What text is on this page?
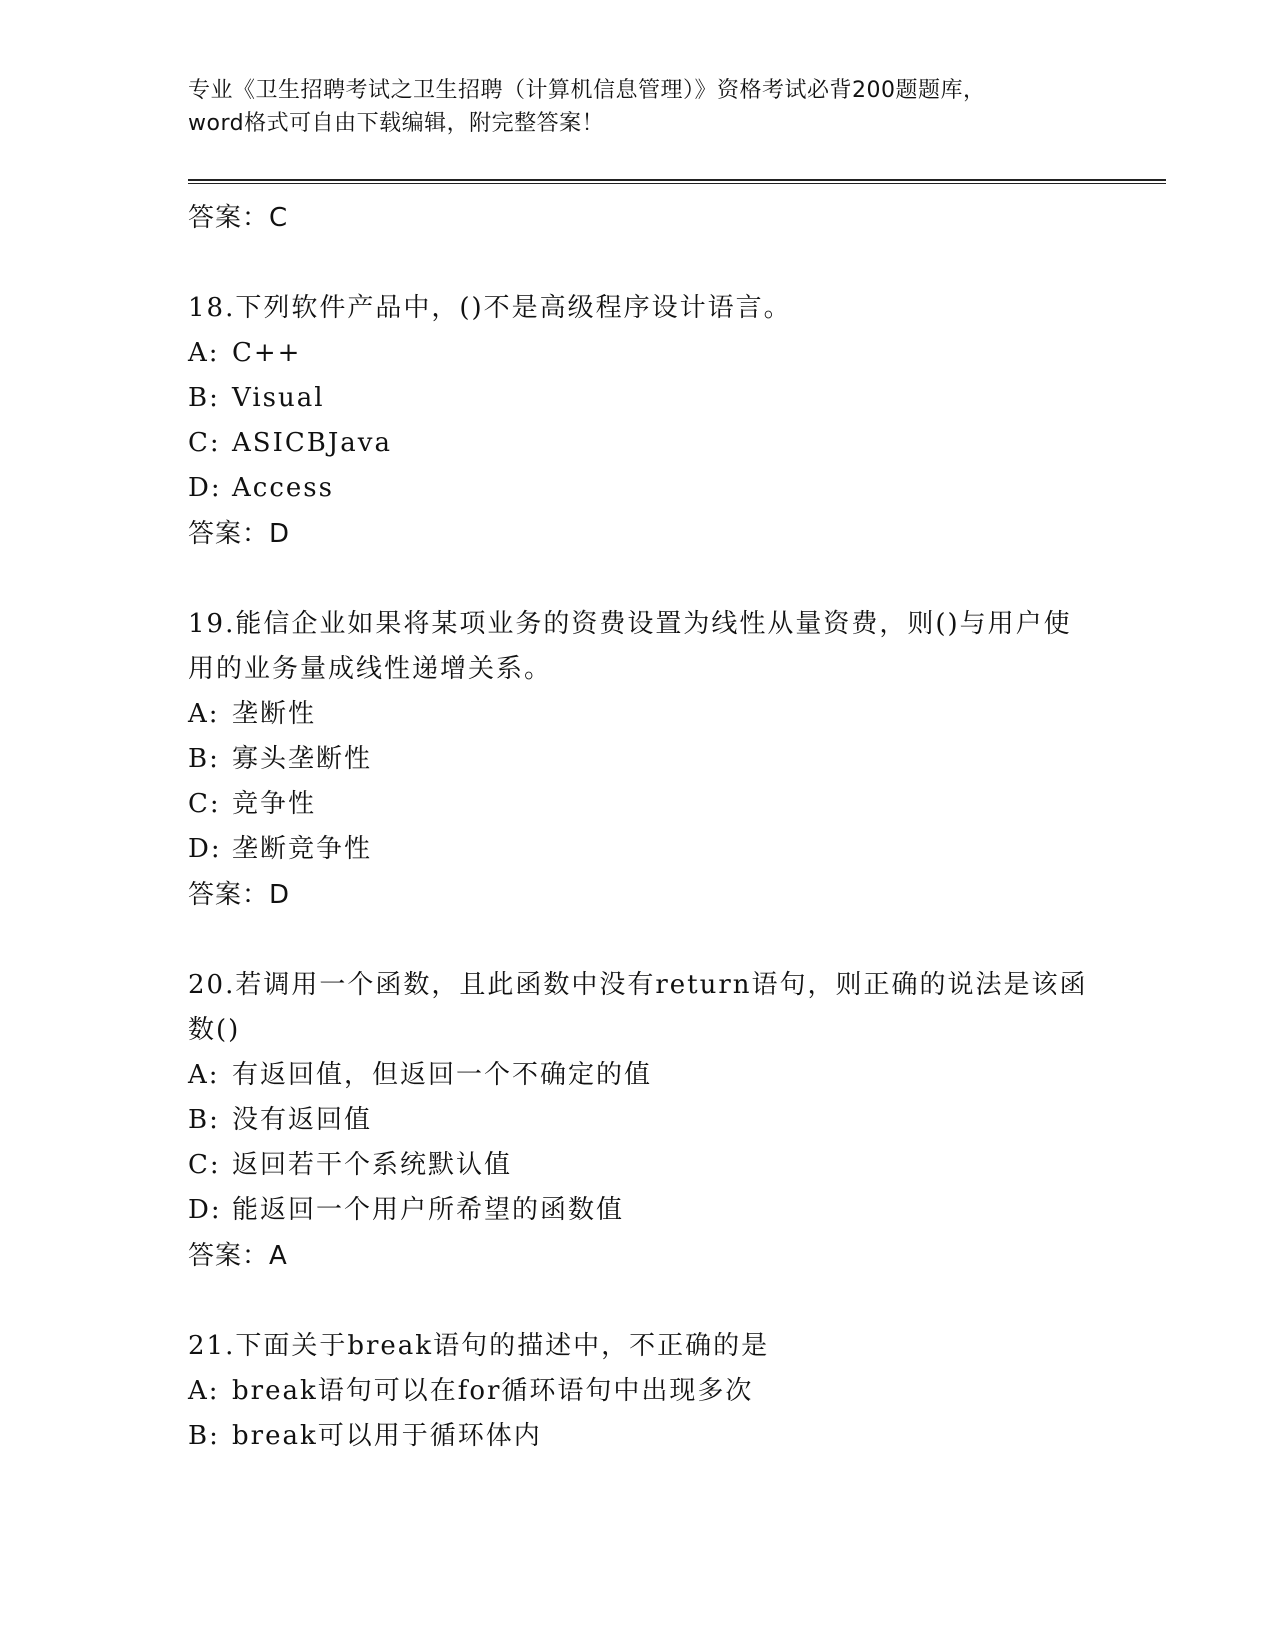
专业《卫生招聘考试之卫生招聘（计算机信息管理）》资格考试必背200题题库，
word格式可自由下载编辑，附完整答案！
答案：C
18.下列软件产品中，()不是高级程序设计语言。
A: C++
B: Visual
C: ASICBJava
D: Access
答案：D
19.能信企业如果将某项业务的资费设置为线性从量资费，则()与用户使用的业务量成线性递增关系。
A: 垄断性
B: 寡头垄断性
C: 竞争性
D: 垄断竞争性
答案：D
20.若调用一个函数，且此函数中没有return语句，则正确的说法是该函数()
A: 有返回值，但返回一个不确定的值
B: 没有返回值
C: 返回若干个系统默认值
D: 能返回一个用户所希望的函数值
答案：A
21.下面关于break语句的描述中，不正确的是
A: break语句可以在for循环语句中出现多次
B: break可以用于循环体内
